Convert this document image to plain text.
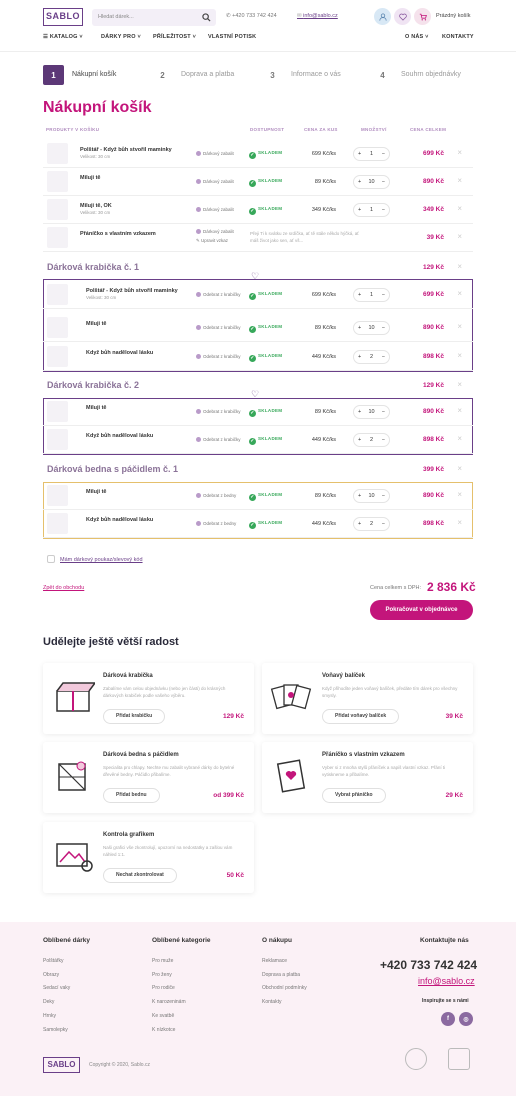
SABLO	Hledat dárek...	✆ +420 733 742 424	✉ info@sablo.cz	Prázdný košík
☰ KATALOG ˅	DÁRKY PRO ˅ PŘÍLEŽITOST ˅ VLASTNÍ POTISK	O NÁS ˅ KONTAKTY
1	Nákupní košík	2	Doprava a platba	3	Informace o vás	4	Souhrn objednávky
Nákupní košík
PRODUKTY V KOŠÍKU	DOSTUPNOST	CENA ZA KUS	MNOŽSTVÍ	CENA CELKEM
Polštář - Když bůh stvořil maminky
Velikost: 30 cm
Dárkový zabalit	✓ SKLADEM	699 Kč/ks	+ 1 −	699 Kč ×
Miluji tě
Dárkový zabalit	✓ SKLADEM	89 Kč/ks	+ 10 −	890 Kč ×
Miluji tě, OK
Velikost: 30 cm
Dárkový zabalit	✓ SKLADEM	349 Kč/ks	+ 1 −	349 Kč ×
Přáníčko s vlastním vzkazem	Dárkový zabalit
✎ Upravit vzkaz
Přeji Ti k svátku ze srdíčka, ať tě stále někdo hýčká, ať máš život jako sen, ať vš...	39 Kč ×
Dárková krabička č. 1	129 Kč ×
♡
Polštář - Když bůh stvořil maminky
Velikost: 30 cm
Odebrat z krabičky ✓ SKLADEM	699 Kč/ks	+ 1 −	699 Kč ×
Miluji tě
Odebrat z krabičky ✓ SKLADEM	89 Kč/ks	+ 10 −	890 Kč ×
Když bůh naděloval lásku
Odebrat z krabičky ✓ SKLADEM	449 Kč/ks	+ 2 −	898 Kč ×
Dárková krabička č. 2	129 Kč ×
♡
Miluji tě
Odebrat z krabičky ✓ SKLADEM	89 Kč/ks	+ 10 −	890 Kč ×
Když bůh naděloval lásku
Odebrat z krabičky ✓ SKLADEM	449 Kč/ks	+ 2 −	898 Kč ×
Dárková bedna s páčidlem č. 1	399 Kč ×
Miluji tě
Odebrat z bedny	✓ SKLADEM	89 Kč/ks	+ 10 −	890 Kč ×
Když bůh naděloval lásku
Odebrat z bedny	✓ SKLADEM	449 Kč/ks	+ 2 −	898 Kč ×
Mám dárkový poukaz/slevový kód
Zpět do obchodu	Cena celkem s DPH: 2 836 Kč
Pokračovat v objednávce
Udělejte ještě větší radost
Dárková krabička
Zabalíme vám celou objednávku (nebo jen části) do krásných dárkových krabiček podle vašeho výběru.
Přidat krabičku	129 Kč
Voňavý balíček
Když přihodíte jeden voňavý balíček, předáte tím dárek pro všechny smysly.
Přidat voňavý balíček	39 Kč
Dárková bedna s páčidlem
Specialita pro chlapy. Nechte mu zabalit vybrané dárky do bytelné dřevěné bedny. Páčidlo přibalíme.
Přidat bednu	od 399 Kč
Přáníčko s vlastním vzkazem
Vyber si z mnoha stylů přáníček a napiš vlastní vzkaz. Přání ti vytiskneme a přibalíme.
Vybrat přáníčko	29 Kč
Kontrola grafikem
Naši grafici vše zkontrolují, upozorní na nedostatky a zašlou vám náhled 1:1.
Nechat zkontrolovat	50 Kč
Oblíbené dárky	Oblíbené kategorie	O nákupu	Kontaktujte nás
Polštářky
Obrazy
Sedací vaky
Deky
Hrnky
Samolepky
Pro muže
Pro ženy
Pro rodiče
K narozeninám
Ke svatbě
K nízkotce
Reklamace
Doprava a platba
Obchodní podmínky
Kontakty
+420 733 742 424
info@sablo.cz
Inspirujte se s námi
f	◎
SABLO	Copyright © 2020, Sablo.cz
